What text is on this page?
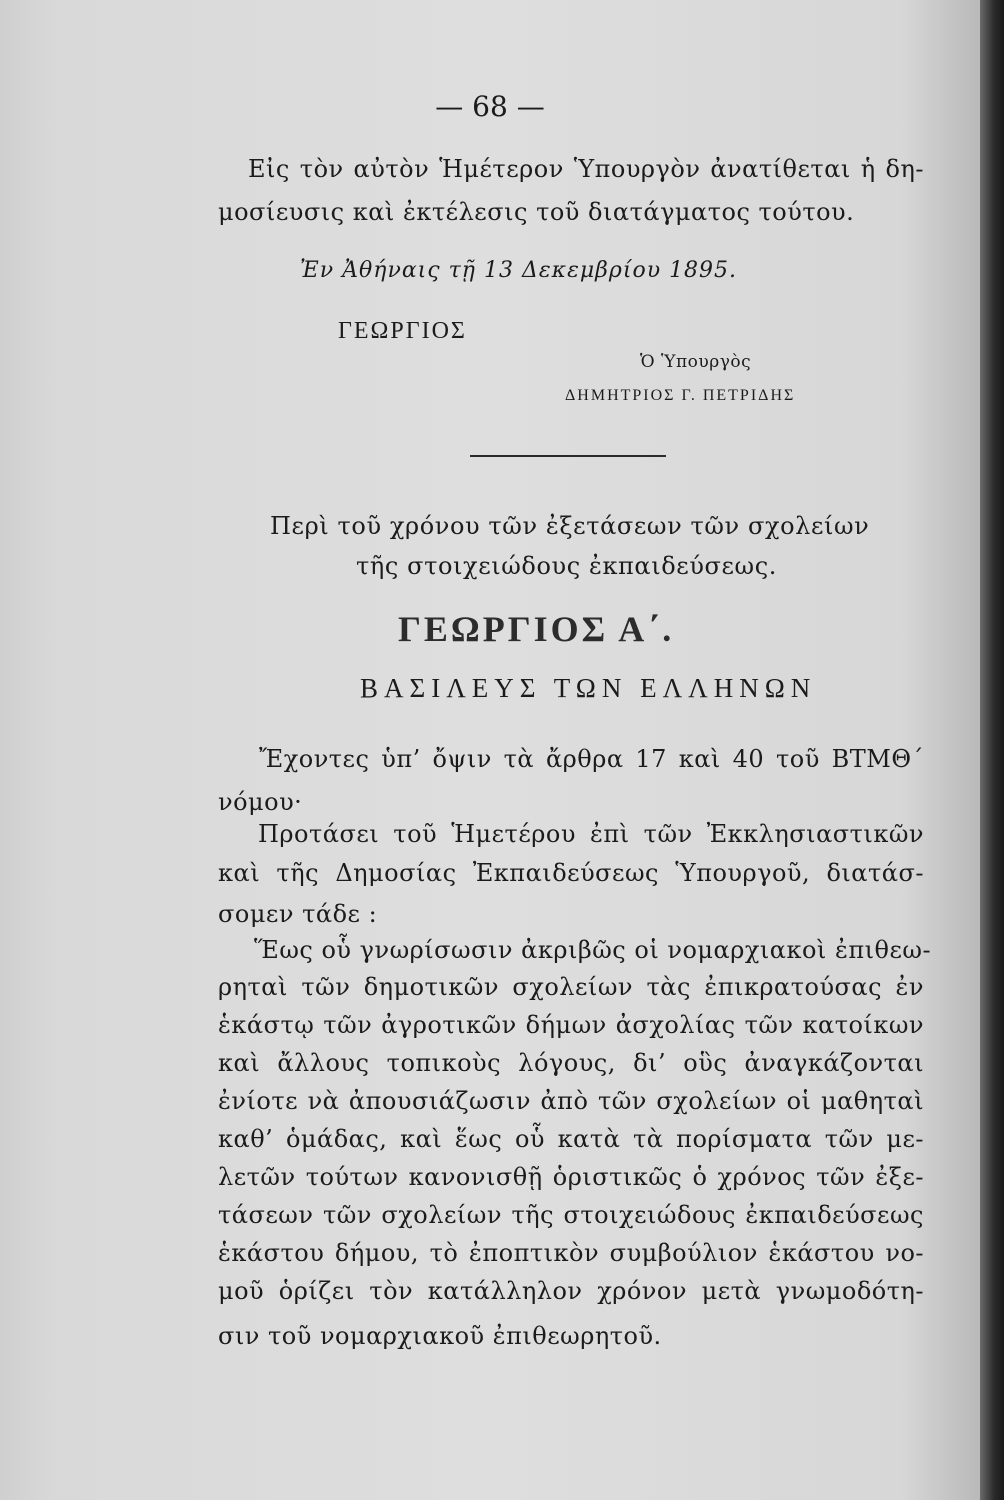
— 68 —
Εἰς τὸν αὐτὸν Ἡμέτερον Ὑπουργὸν ἀνατίθεται ἡ δη-
μοσίευσις καὶ ἐκτέλεσις τοῦ διατάγματος τούτου.
Ἐν Ἀθήναις τῇ 13 Δεκεμβρίου 1895.
ΓΕΩΡΓΙΟΣ
Ὁ Ὑπουργὸς
ΔΗΜΗΤΡΙΟΣ Γ. ΠΕΤΡΙΔΗΣ
Περὶ τοῦ χρόνου τῶν ἐξετάσεων τῶν σχολείων
τῆς στοιχειώδους ἐκπαιδεύσεως.
ΓΕΩΡΓΙΟΣ Α΄.
ΒΑΣΙΛΕΥΣ ΤΩΝ ΕΛΛΗΝΩΝ
Ἔχοντες ὑπ’ ὄψιν τὰ ἄρθρα 17 καὶ 40 τοῦ ΒΤΜΘ΄
νόμου·
Προτάσει τοῦ Ἡμετέρου ἐπὶ τῶν Ἐκκλησιαστικῶν
καὶ τῆς Δημοσίας Ἐκπαιδεύσεως Ὑπουργοῦ, διατάσ-
σομεν τάδε :
Ἕως οὗ γνωρίσωσιν ἀκριβῶς οἱ νομαρχιακοὶ ἐπιθεω-
ρηταὶ τῶν δημοτικῶν σχολείων τὰς ἐπικρατούσας ἐν
ἑκάστῳ τῶν ἀγροτικῶν δήμων ἀσχολίας τῶν κατοίκων
καὶ ἄλλους τοπικοὺς λόγους, δι’ οὓς ἀναγκάζονται
ἐνίοτε νὰ ἀπουσιάζωσιν ἀπὸ τῶν σχολείων οἱ μαθηταὶ
καθ’ ὁμάδας, καὶ ἕως οὗ κατὰ τὰ πορίσματα τῶν με-
λετῶν τούτων κανονισθῇ ὁριστικῶς ὁ χρόνος τῶν ἐξε-
τάσεων τῶν σχολείων τῆς στοιχειώδους ἐκπαιδεύσεως
ἑκάστου δήμου, τὸ ἐποπτικὸν συμβούλιον ἑκάστου νο-
μοῦ ὁρίζει τὸν κατάλληλον χρόνον μετὰ γνωμοδότη-
σιν τοῦ νομαρχιακοῦ ἐπιθεωρητοῦ.
